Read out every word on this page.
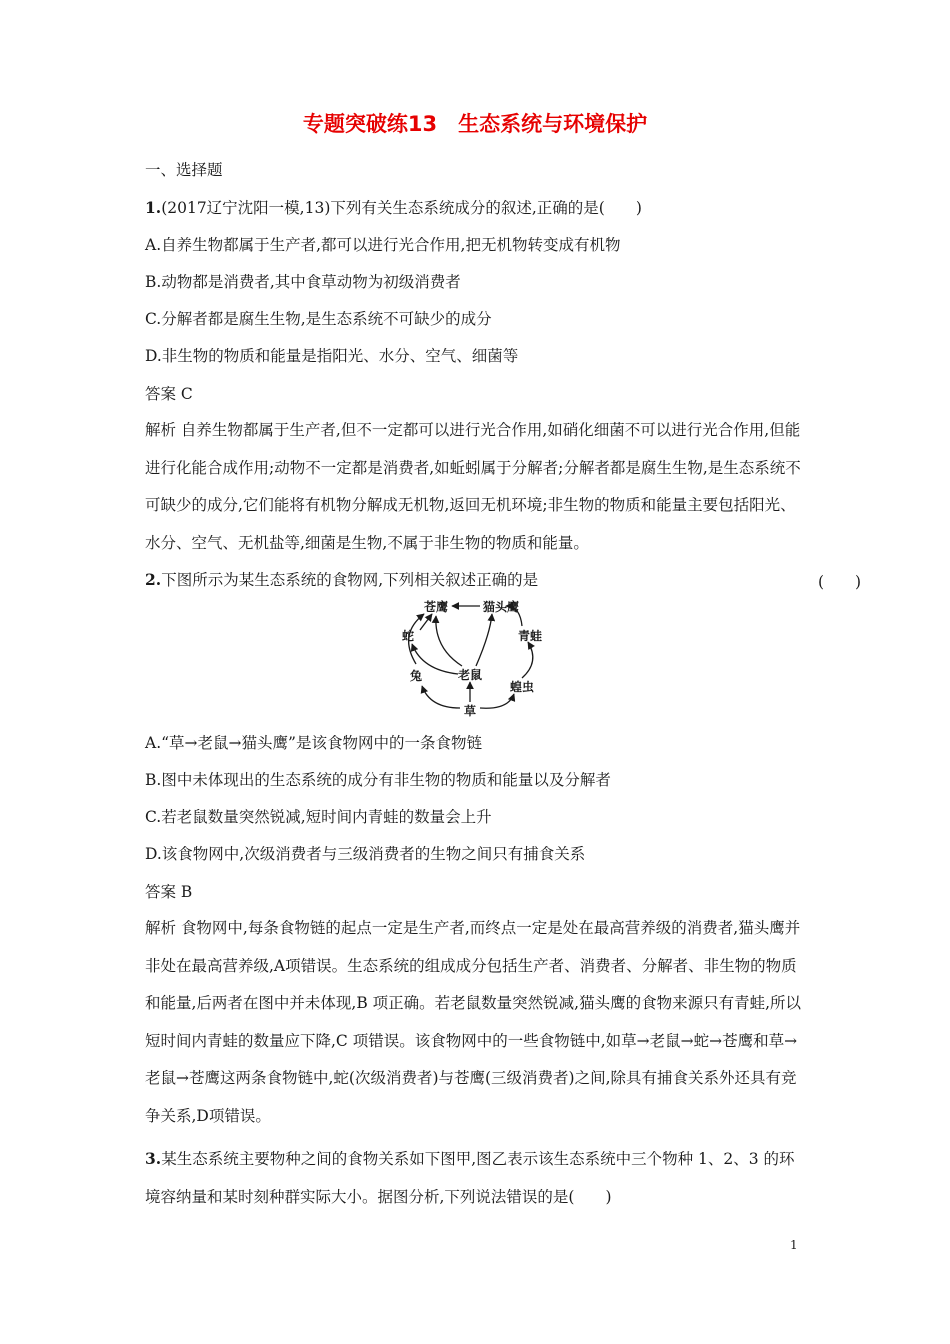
专题突破练13　生态系统与环境保护
一、选择题
1.(2017辽宁沈阳一模,13)下列有关生态系统成分的叙述,正确的是(　　)
A.自养生物都属于生产者,都可以进行光合作用,把无机物转变成有机物
B.动物都是消费者,其中食草动物为初级消费者
C.分解者都是腐生生物,是生态系统不可缺少的成分
D.非生物的物质和能量是指阳光、水分、空气、细菌等
答案 C
解析 自养生物都属于生产者,但不一定都可以进行光合作用,如硝化细菌不可以进行光合作用,但能进行化能合成作用;动物不一定都是消费者,如蚯蚓属于分解者;分解者都是腐生生物,是生态系统不可缺少的成分,它们能将有机物分解成无机物,返回无机环境;非生物的物质和能量主要包括阳光、水分、空气、无机盐等,细菌是生物,不属于非生物的物质和能量。
2.下图所示为某生态系统的食物网,下列相关叙述正确的是	(　　)
苍鹰	猫头鹰
蛇	青蛙
老鼠
兔
蝗虫
草
A.“草→老鼠→猫头鹰”是该食物网中的一条食物链
B.图中未体现出的生态系统的成分有非生物的物质和能量以及分解者
C.若老鼠数量突然锐减,短时间内青蛙的数量会上升
D.该食物网中,次级消费者与三级消费者的生物之间只有捕食关系
答案 B
解析 食物网中,每条食物链的起点一定是生产者,而终点一定是处在最高营养级的消费者,猫头鹰并非处在最高营养级,A项错误。生态系统的组成成分包括生产者、消费者、分解者、非生物的物质和能量,后两者在图中并未体现,B 项正确。若老鼠数量突然锐减,猫头鹰的食物来源只有青蛙,所以短时间内青蛙的数量应下降,C 项错误。该食物网中的一些食物链中,如草→老鼠→蛇→苍鹰和草→老鼠→苍鹰这两条食物链中,蛇(次级消费者)与苍鹰(三级消费者)之间,除具有捕食关系外还具有竞争关系,D项错误。
3.某生态系统主要物种之间的食物关系如下图甲,图乙表示该生态系统中三个物种 1、2、3 的环境容纳量和某时刻种群实际大小。据图分析,下列说法错误的是(　　)
1
